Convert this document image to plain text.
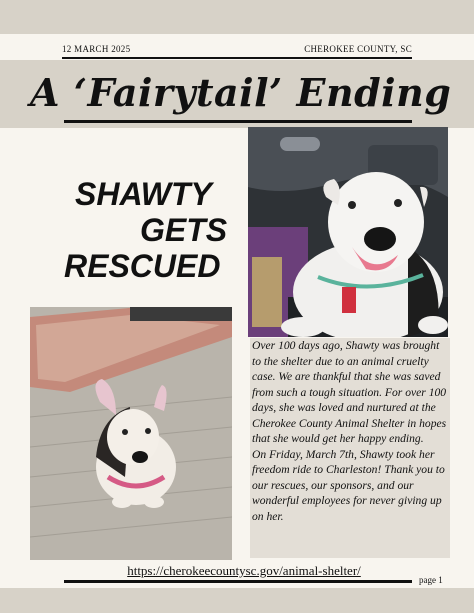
12 MARCH 2025	CHEROKEE COUNTY, SC
A ‘Fairytail’ Ending
SHAWTY
GETS
RESCUED

Over 100 days ago, Shawty was brought to the shelter due to an animal cruelty case. We are thankful that she was saved from such a tough situation. For over 100 days, she was loved and nurtured at the Cherokee County Animal Shelter in hopes that she would get her happy ending.

On Friday, March 7th, Shawty took her freedom ride to Charleston! Thank you to our rescues, our sponsors, and our wonderful employees for never giving up on her.

https://cherokeecountysc.gov/animal-shelter/
page 1
